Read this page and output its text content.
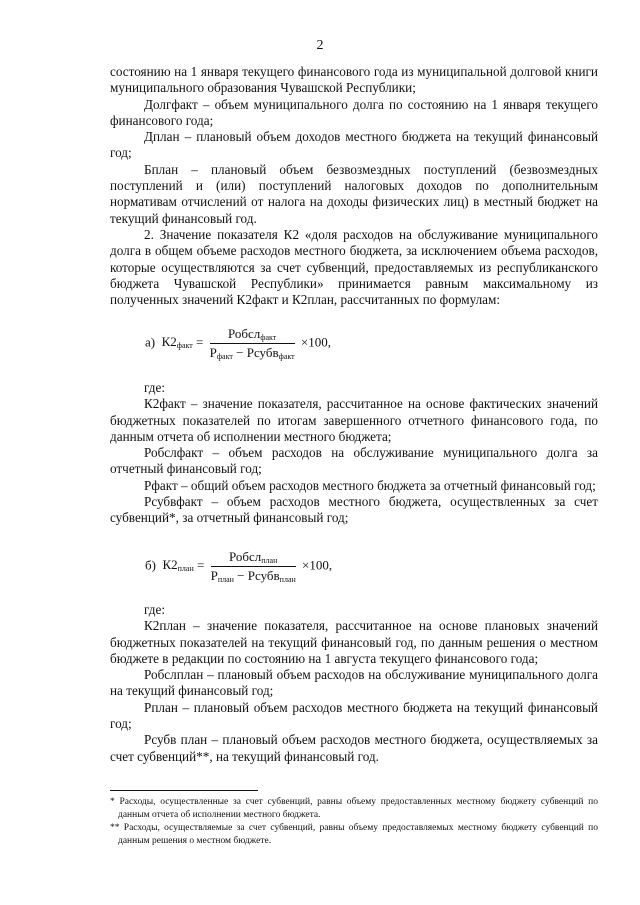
2

состоянию на 1 января текущего финансового года из муниципальной долговой книги муниципального образования Чувашской Республики;

Долгфакт – объем муниципального долга по состоянию на 1 января текущего финансового года;

Дплан – плановый объем доходов местного бюджета на текущий финансовый год;

Бплан – плановый объем безвозмездных поступлений (безвозмездных поступлений и (или) поступлений налоговых доходов по дополнительным нормативам отчислений от налога на доходы физических лиц) в местный бюджет на текущий финансовый год.

2. Значение показателя К2 «доля расходов на обслуживание муниципального долга в общем объеме расходов местного бюджета, за исключением объема расходов, которые осуществляются за счет субвенций, предоставляемых из республиканского бюджета Чувашской Республики» принимается равным максимальному из полученных значений К2факт и К2план, рассчитанных по формулам:

а) $К2_{факт} = \frac{Робсл_{факт}}{Р_{факт} - Рсубв_{факт}} \times 100$,

где:

К2факт – значение показателя, рассчитанное на основе фактических значений бюджетных показателей по итогам завершенного отчетного финансового года, по данным отчета об исполнении местного бюджета;

Робслфакт – объем расходов на обслуживание муниципального долга за отчетный финансовый год;

Рфакт – общий объем расходов местного бюджета за отчетный финансовый год;

Рсубвфакт – объем расходов местного бюджета, осуществленных за счет субвенций*, за отчетный финансовый год;

б) $К2_{план} = \frac{Робсл_{план}}{Р_{план} - Рсубв_{план}} \times 100$,

где:

К2план – значение показателя, рассчитанное на основе плановых значений бюджетных показателей на текущий финансовый год, по данным решения о местном бюджете в редакции по состоянию на 1 августа текущего финансового года;

Робслплан – плановый объем расходов на обслуживание муниципального долга на текущий финансовый год;

Рплан – плановый объем расходов местного бюджета на текущий финансовый год;

Рсубв план – плановый объем расходов местного бюджета, осуществляемых за счет субвенций**, на текущий финансовый год.

* Расходы, осуществленные за счет субвенций, равны объему предоставленных местному бюджету субвенций по данным отчета об исполнении местного бюджета.

** Расходы, осуществляемые за счет субвенций, равны объему предоставляемых местному бюджету субвенций по данным решения о местном бюджете.
